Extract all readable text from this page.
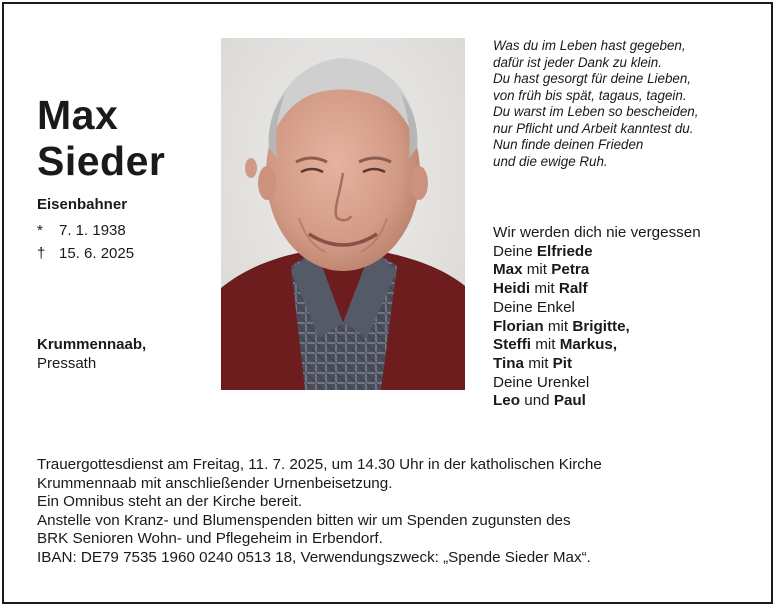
Max
Sieder
Eisenbahner
* 7. 1. 1938
† 15. 6. 2025
Krummennaab,
Pressath
Was du im Leben hast gegeben,
dafür ist jeder Dank zu klein.
Du hast gesorgt für deine Lieben,
von früh bis spät, tagaus, tagein.
Du warst im Leben so bescheiden,
nur Pflicht und Arbeit kanntest du.
Nun finde deinen Frieden
und die ewige Ruh.
Wir werden dich nie vergessen
Deine Elfriede
Max mit Petra
Heidi mit Ralf
Deine Enkel
Florian mit Brigitte,
Steffi mit Markus,
Tina mit Pit
Deine Urenkel
Leo und Paul
Trauergottesdienst am Freitag, 11. 7. 2025, um 14.30 Uhr in der katholischen Kirche
Krummennaab mit anschließender Urnenbeisetzung.
Ein Omnibus steht an der Kirche bereit.
Anstelle von Kranz- und Blumenspenden bitten wir um Spenden zugunsten des
BRK Senioren Wohn- und Pflegeheim in Erbendorf.
IBAN: DE79 7535 1960 0240 0513 18, Verwendungszweck: „Spende Sieder Max“.
